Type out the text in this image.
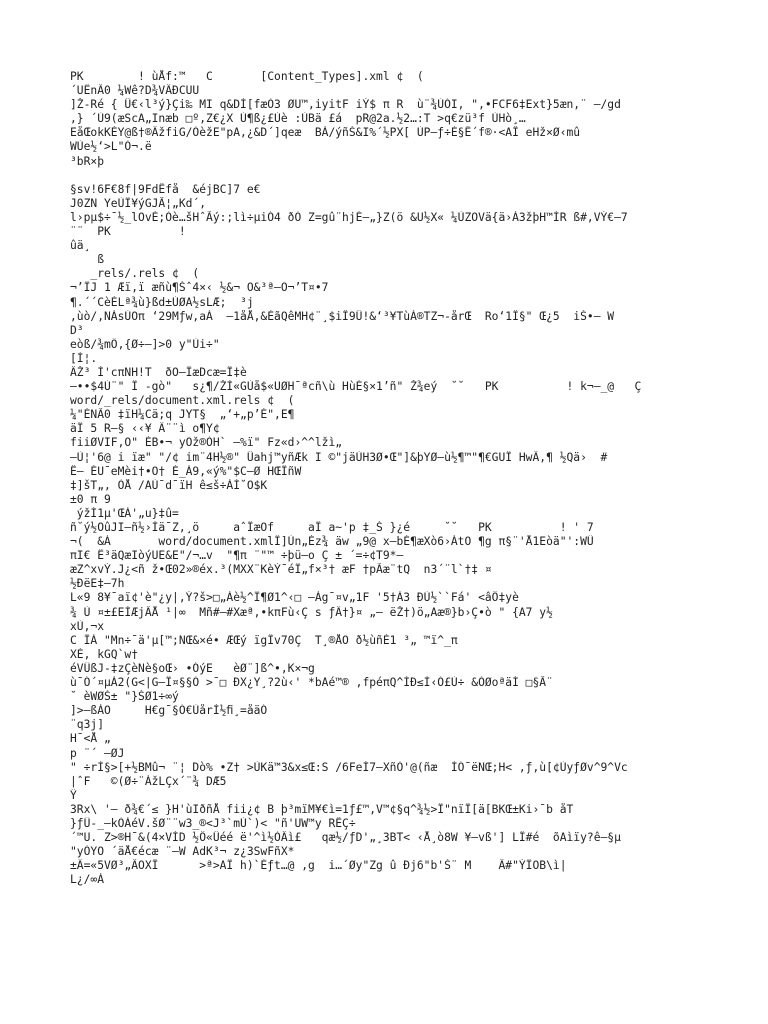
PK        ! ùÅf:™   C       [Content_Types].xml ¢  (
´UËnÂ0 ¼Wê?D¾VÄÐCUU
]Ž-Ré { Ü€‹l³ý}Çi‰ MI q&DÌ[fæÒ3 ØU™,iyitF iÝ$ π R  ù¨¾ÙÒI, ",•FCF6‡Ext}5æn,¨ –/gd
,} ´Ù9(æScA„Inæb □º,Z€¿X Ù¶ß¿£Ùè :ÙBä £á  pR@2a.½2…:T >q€zü³f ÙHò¸…
EåŒokKÈY@ß†®ÄžfiG/ÒèžE"pA,¿&D´]qeæ  BÀ/ýñŠ&I%´½PX[ ÙP–ƒ÷È§Ê´f®·<AÎ eHž×Ø‹mû
WÙe½‘>L"Ò¬.ë
³bR×þ
§sv!6F€8f|9FdÊfå  &éjBC]7 e€
J0ZN YeÙÏ¥ýGJÃ¦„Kd´,
l›pµ$÷¯½_lOvÈ;Òè…šHˆÃý:;lì÷µiÓ4 ðÒ Z=gû¨hjÉ–„}Z(ö &U½X« ¼ÙZOVä{ä›À3žþH™ÌR ß#,VÝ€–7
¨¨  PK          !
ûä¸
ß
_rels/.rels ¢  (
¬’ÏJ 1 Æï,ï æñù¶Šˆ4×‹ ½&¬ O&³ª–Õ¬’T¤•7
¶.´´CèÉLª¾ù}ßd±ÙØA½sLÆ;  ³j
,ùò/,NÀsÙOπ ‘29Mƒw,aÀ  –1åÅ,&ÈãQêMH¢¨¸$iÎ9Ü!&‘³¥TùÀ®TZ¬-årŒ  Ro‘1Î§" Œ¿5  iŠ•– W
D³
eòß/¾mÔ,{Ø÷—]>0 y"Ùi÷"
[Ì¦.
ÂŽ³ Ì'cπNH!T  ðO–ÏæDcæ=Ï‡è
–••$4Ù¨" Ï -gò"   s¿¶/ŽÌ«GÙå$«UØH¯ªcñ\ù HùÉ§×1’ñ" Ž¾eý  ˘˘   PK          ! k¬—_@   Ç
word/_rels/document.xml.rels ¢  (
¼"ÉNÃ0 ‡ïH¼Cä;q JYT§  „‘+„p’É",E¶
äÏ 5 R–§ ‹‹¥ Ä¨¨ì o¶Y¢
fiiØVIF,O" ÈB•¬ yÕž®ÒH` –%ï" Fz«d›^^lžì„
–Ù¦'6@ i ïæ" "/¢ im¨4H½®" Üahj™yñÆk I ©"jäÙH3Ø•Œ"]&þYØ–ù½¶™"¶€GUÏ HwÂ,¶ ½Qä›  #
Ê– ÉU¯eMèi†•O† È_À9,«ý%"$C–Ø HŒÏñW
‡]šT„, ÒÅ /AÙ¯d¯ïH ê≤š÷ÀÌ˘O$K
±0 π 9
ýžÍ1µ'ŒÀ'„u}‡û=
ñ˘ý½OûJI–ñ½›Ìä¯Z,¸ö     aˆÏæOf     aÏ a~'p ‡_Š }¿é     ˘˘   PK          ! ' 7
¬(  &À       word/document.xmlÏ]Ùn„Èz¾ äw „9@ x–bÉ¶æXò6›ÁtO ¶g π§¨'Å1Eòä"':WÛ
πI€ Ë³äQæIòýUE&E"/¬…v  "¶π ¨"™ ÷þü–o Ç ± ´=÷¢T9*–
æZ^xvÝ.J¿<ñ ž•Œ02»®éx.³(MXX¨KèÝ¯éÏ„f×³† æF †pÃæ¨tQ  n3´¨l`†‡ ¤
½ÐëE‡–7h
L«9 8¥¯aï¢'è"¿y|,Ý?š>□„Àè½^Ï¶Ø1^‹□ –Àg¯¤v„1F '5†À3 ÐÙ½``Fá' <âÖ‡yè
¾ Ù ¤±£EÌÆjÂÅ ¹|∞  Mñ#–#Xæª,•kπFù‹Ç s ƒÄ†}¤ „— ëŽ†)ö„Aæ®}b›Ç•ò " {A7 y½
xÙ,¬x
C ÎÀ "Mn÷¯ä'µ[™;NŒ&×é• ÆŒý ïgÏv70Ç  T¸®ÅÕ ð½ùñÉ1 ³„ ™ï^_π
XÈ, kGQ`w†
éVÛßJ-‡zÇèNè§oŒ› •ÓýE   èØ¨]ß^•,K×¬g
ù¯Ó´¤µÀ2(G<|G–Ï¤§§Ò >¯□ ÐX¿Y¸?2ù‹' *bAé™® ,fpéπQ^ÌÐ≤Ì‹Ò£Ù÷ &ÒØoªäÍ □§Ã¨
˘ èWØŠ± "}ŠØ1÷∞ý
]>–ßÀO     H€g¯§Ó€ÙårÌ½ﬁ¸=åäÓ
¨q3j]
H¯<Å „
p ¨´ –ØJ
" ÷rÌ§>[+½BMû¬ ¨¦ Dò% •Z† >ÙKä™3&x≤Œ:S /6FeÍ7–XñÒ'@(ñæ  ÌÓ¯ëNŒ;H< ,ƒ,ù[¢ÙyƒØv^9^Vc
|ˆF   ©(Ø÷¨ÀžLÇx´¨¾ DÆ5
Ÿ
3Rx\ '– ð¾€´≤ }H'ùIðñÅ fii¿¢ B þ³mïM¥€ì=1ƒ£™,V™¢§q^¾½>Ï"nïÎ[ä[BKŒ±Ki›¯b åT
}ƒÛ-_–kÒÀéV.šØ¨¨w3_®<J³`mÙ`)< "ñ'UW™y RÊÇ÷
´™U. Z>®H¯&(4×VÌD ½Ö«Üéé ë'^ì½ÒÂì£   qæ½/ƒD'„¸3BT< ‹Å¸ò8W ¥–vß'] LÏ#é  õAìïy?ê–§µ
"yÒYO ´äÅ€écæ ¨–W AdK³¬ z¿3SwFñX*
±Ä=«5VØ³„ÂOXÎ      >ª>AÏ h)`Èƒt…@ ,g  i…´Øy"Zg û Ðj6"b'Š¨ M    Â#"ÝÏOB\ì|
L¿/∞À
